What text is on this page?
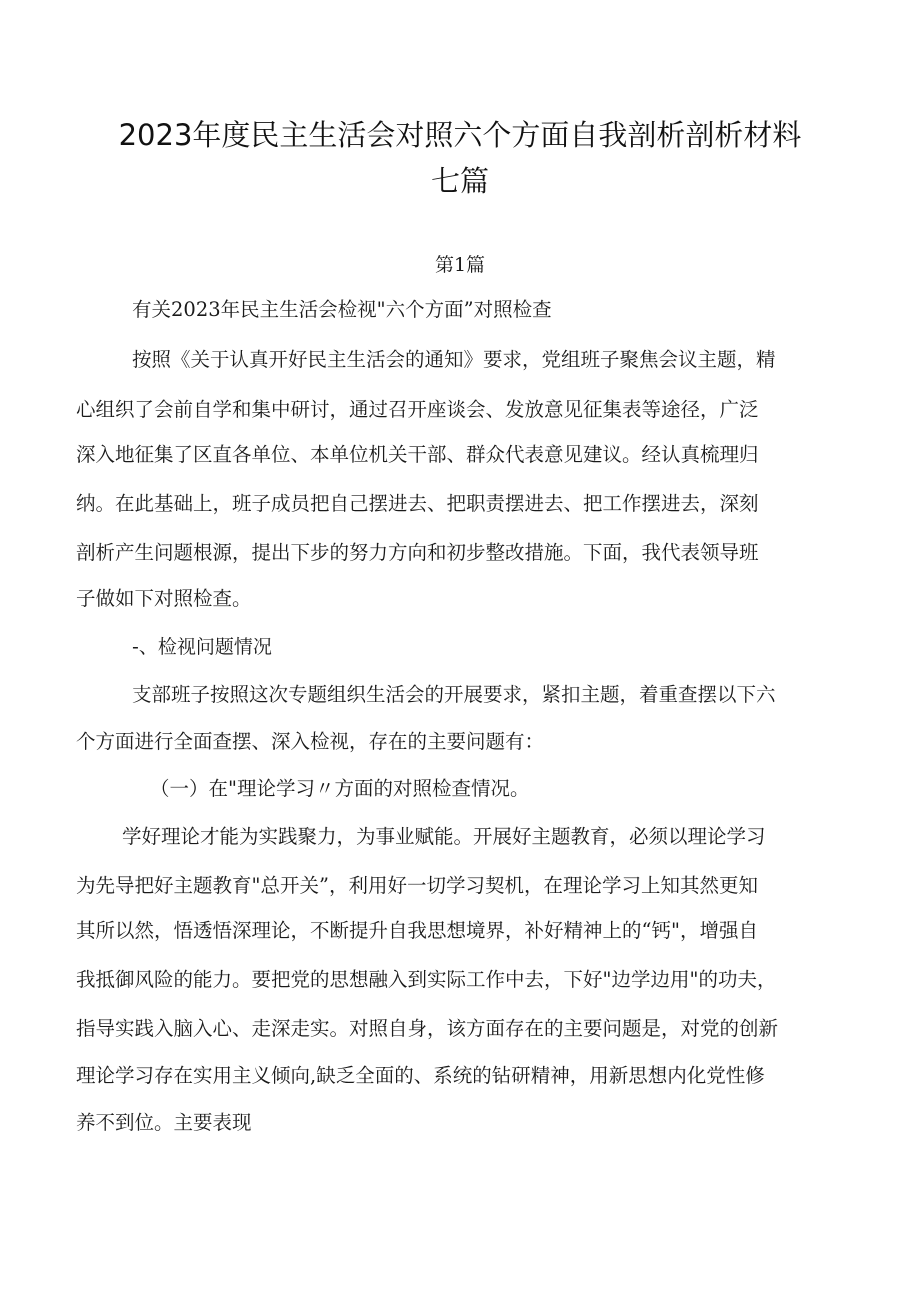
2023年度民主生活会对照六个方面自我剖析剖析材料
七篇
第1篇
有关2023年民主生活会检视"六个方面”对照检查
按照《关于认真开好民主生活会的通知》要求，党组班子聚焦会议主题，精
心组织了会前自学和集中研讨，通过召开座谈会、发放意见征集表等途径，广泛
深入地征集了区直各单位、本单位机关干部、群众代表意见建议。经认真梳理归
纳。在此基础上，班子成员把自己摆进去、把职责摆进去、把工作摆进去，深刻
剖析产生问题根源，提出下步的努力方向和初步整改措施。下面，我代表领导班
子做如下对照检查。
-、检视问题情况
支部班子按照这次专题组织生活会的开展要求，紧扣主题，着重查摆以下六
个方面进行全面查摆、深入检视，存在的主要问题有：
（一）在"理论学习〃方面的对照检查情况。
学好理论才能为实践聚力，为事业赋能。开展好主题教育，必须以理论学习
为先导把好主题教育"总开关”，利用好一切学习契机，在理论学习上知其然更知
其所以然，悟透悟深理论，不断提升自我思想境界，补好精神上的“钙"，增强自
我抵御风险的能力。要把党的思想融入到实际工作中去，下好"边学边用"的功夫，
指导实践入脑入心、走深走实。对照自身，该方面存在的主要问题是，对党的创新
理论学习存在实用主义倾向,缺乏全面的、系统的钻研精神，用新思想内化党性修
养不到位。主要表现
